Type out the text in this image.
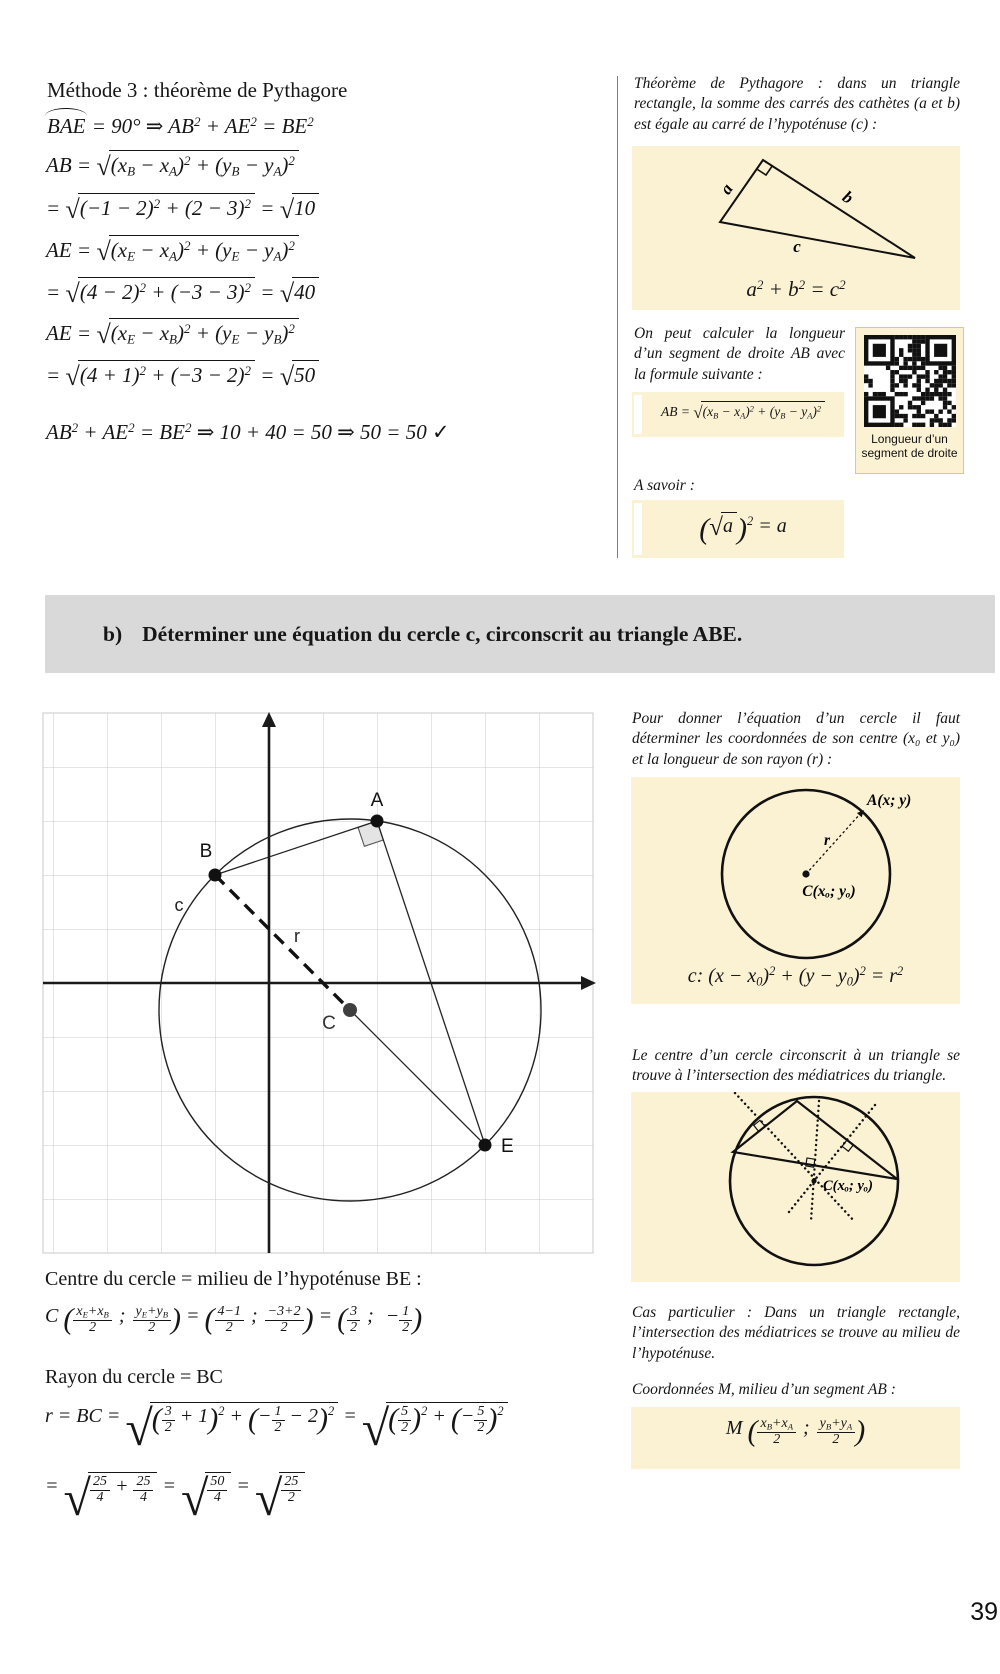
Méthode 3 : théorème de Pythagore
BAE = 90° ⇒ $AB^2 + AE^2 = BE^2$
AB = $√(x_B - x_A)^2 + (y_B - y_A)^2$
= $√(-1 - 2)^2 + (2 - 3)^2 = √10$
AE = $√(x_E - x_A)^2 + (y_E - y_A)^2$
= $√(4 - 2)^2 + (-3 - 3)^2 = √40$
AE = $√(x_E - x_B)^2 + (y_E - y_B)^2$
= $√(4 + 1)^2 + (-3 - 2)^2 = √50$
$AB^2 + AE^2 = BE^2$ ⇒ 10 + 40 = 50 ⇒ 50 = 50 ✓
Théorème de Pythagore : dans un triangle rectangle, la somme des carrés des cathètes (a et b) est égale au carré de l’hypoténuse (c) :
a	b
c
$a^2 + b^2 = c^2$
On peut calculer la longueur d’un segment de droite AB avec la formule suivante :
AB = $√(x_B - x_A)^2 + (y_B - y_A)^2$
Longueur d’un
segment de droite
A savoir :
(√a )$^2$ = a
b) Déterminer une équation du cercle c, circonscrit au triangle ABE.
A
B
C
E
c
r
Pour donner l’équation d’un cercle il faut déterminer les coordonnées de son centre (x₀ et y₀) et la longueur de son rayon (r) :
r
A(x; y)
C(xₒ; yₒ)
c: $(x - x_0)^2 + (y - y_0)^2 = r^2$
Le centre d’un cercle circonscrit à un triangle se trouve à l’intersection des médiatrices du triangle.
C(xₒ; yₒ)
Cas particulier : Dans un triangle rectangle, l’intersection des médiatrices se trouve au milieu de l’hypoténuse.
Coordonnées M, milieu d’un segment AB :
M ( $\frac{x_B+x_A}{2}$ ; $\frac{y_B+y_A}{2}$ )
Centre du cercle = milieu de l’hypoténuse BE :
C ( $\frac{x_E+x_B}{2}$ ; $\frac{y_E+y_B}{2}$ ) = ( $\frac{4-1}{2}$ ; $\frac{-3+2}{2}$ ) = ( $\frac{3}{2}$ ; − $\frac{1}{2}$ )
Rayon du cercle = BC
r = BC = √( $\frac{3}{2} + 1)^2$ + (− $\frac{1}{2} - 2)^2$ = √( $\frac{5}{2} )^2$ + (− $\frac{5}{2} )^2$
= √ $\frac{25}{4} + \frac{25}{4}$ = √ $\frac{50}{4}$ = √ $\frac{25}{2}$
39
